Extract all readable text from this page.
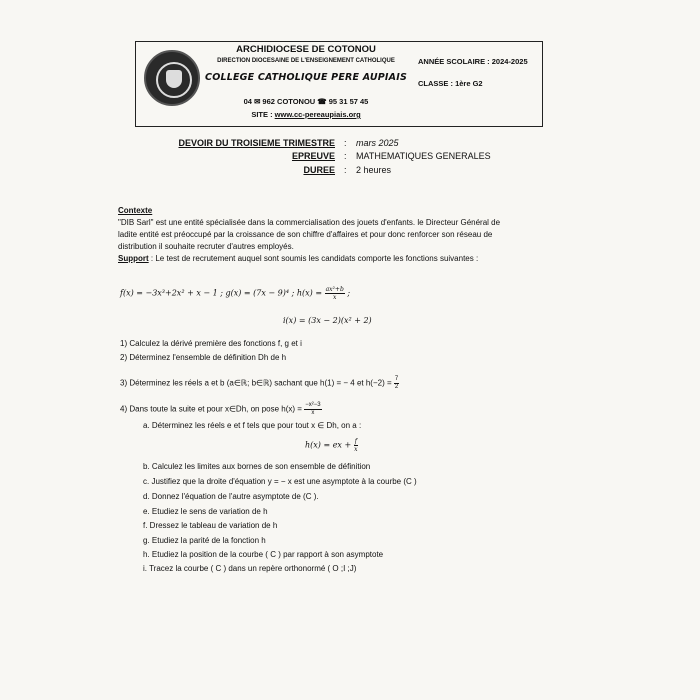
ARCHIDIOCESE DE COTONOU
DIRECTION DIOCESAINE DE L'ENSEIGNEMENT CATHOLIQUE
COLLEGE CATHOLIQUE PERE AUPIAIS
04 ✉ 962 COTONOU ☎ 95 31 57 45
SITE : www.cc-pereaupiais.org
ANNÉE SCOLAIRE : 2024-2025
CLASSE : 1ère G2
DEVOIR DU TROISIEME TRIMESTRE : mars 2025
EPREUVE : MATHEMATIQUES GENERALES
DUREE : 2 heures
Contexte
"DIB Sarl" est une entité spécialisée dans la commercialisation des jouets d'enfants. le Directeur Général de
ladite entité est préoccupé par la croissance de son chiffre d'affaires et pour donc renforcer son réseau de
distribution il souhaite recruter d'autres employés.
Support : Le test de recrutement auquel sont soumis les candidats comporte les fonctions suivantes :
f(x) = −3x³+2x² + x − 1 ; g(x) = (7x − 9)⁴ ; $h(x) = \frac{\text{ax²+b}}{x}$ ;
i(x) = (3x − 2)(x² + 2)
1) Calculez la dérivé première des fonctions f, g et i
2) Déterminez l'ensemble de définition Dh de h
3) Déterminez les réels a et b (a∈ℝ; b∈ℝ) sachant que h(1) = − 4 et $h(-2) = \frac{7}{2}$
4) Dans toute la suite et pour x∈Dh, on pose $h(x) = \frac{\text{−x²−3}}{x}$
a. Déterminez les réels e et f tels que pour tout x ∈ Dh, on a :
h(x) = ex + $\frac{f}{x}$
b. Calculez les limites aux bornes de son ensemble de définition
c. Justifiez que la droite d'équation y = − x est une asymptote à la courbe (C )
d. Donnez l'équation de l'autre asymptote de (C ).
e. Etudiez le sens de variation de h
f. Dressez le tableau de variation de h
g. Etudiez la parité de la fonction h
h. Etudiez la position de la courbe ( C ) par rapport à son asymptote
i. Tracez la courbe ( C ) dans un repère orthonormé ( O ;I ;J)
